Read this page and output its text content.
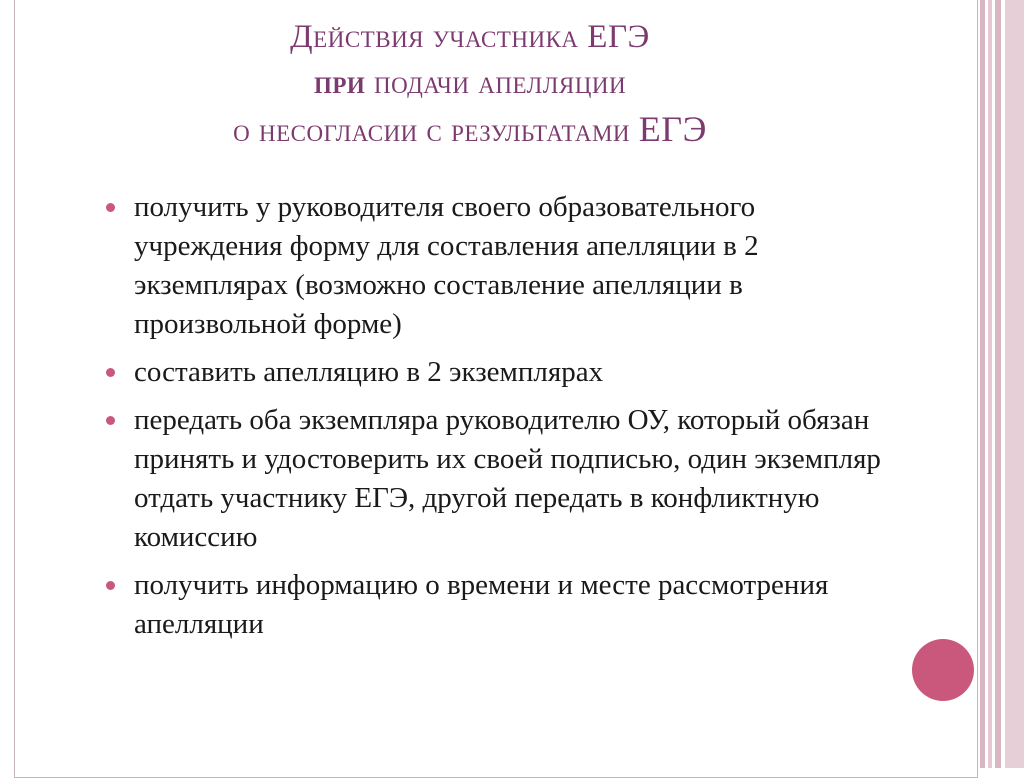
Действия участника ЕГЭ
при подачи апелляции
о несогласии с результатами ЕГЭ
получить у руководителя своего образовательного учреждения форму для составления апелляции в 2 экземплярах (возможно составление апелляции в произвольной форме)
составить апелляцию в 2 экземплярах
передать оба экземпляра руководителю ОУ, который обязан принять и удостоверить их своей подписью, один экземпляр отдать участнику ЕГЭ, другой передать в конфликтную комиссию
получить информацию о времени и месте рассмотрения апелляции
